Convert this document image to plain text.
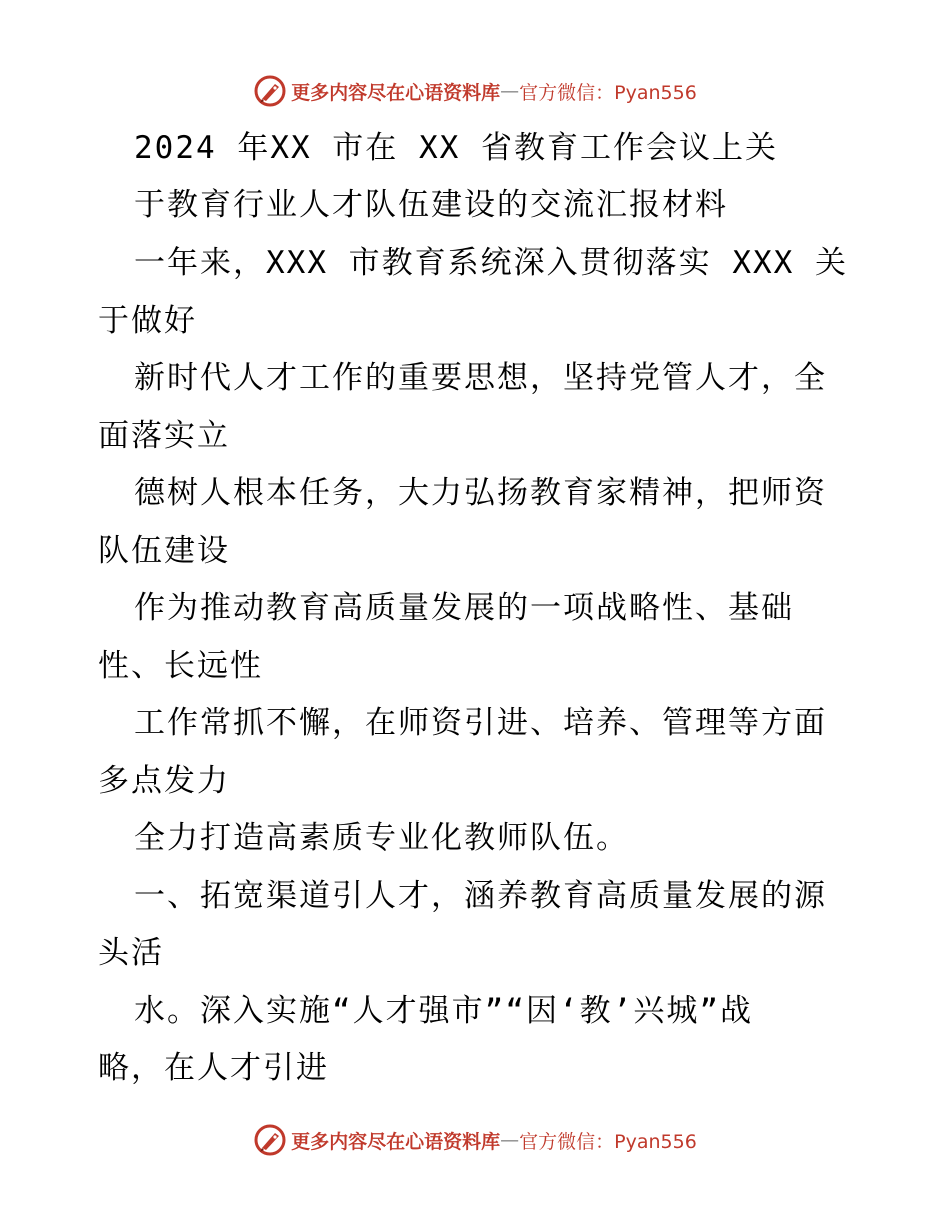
更多内容尽在心语资料库 — 官方微信：Pyan556
2024 年XX 市在 XX 省教育工作会议上关
于教育行业人才队伍建设的交流汇报材料
一年来，XXX 市教育系统深入贯彻落实 XXX 关
于做好
新时代人才工作的重要思想，坚持党管人才，全
面落实立
德树人根本任务，大力弘扬教育家精神，把师资
队伍建设
作为推动教育高质量发展的一项战略性、基础
性、长远性
工作常抓不懈，在师资引进、培养、管理等方面
多点发力
全力打造高素质专业化教师队伍。
一、拓宽渠道引人才，涵养教育高质量发展的源
头活
水。深入实施“人才强市”“因‘教’兴城”战
略，在人才引进
更多内容尽在心语资料库 — 官方微信：Pyan556
